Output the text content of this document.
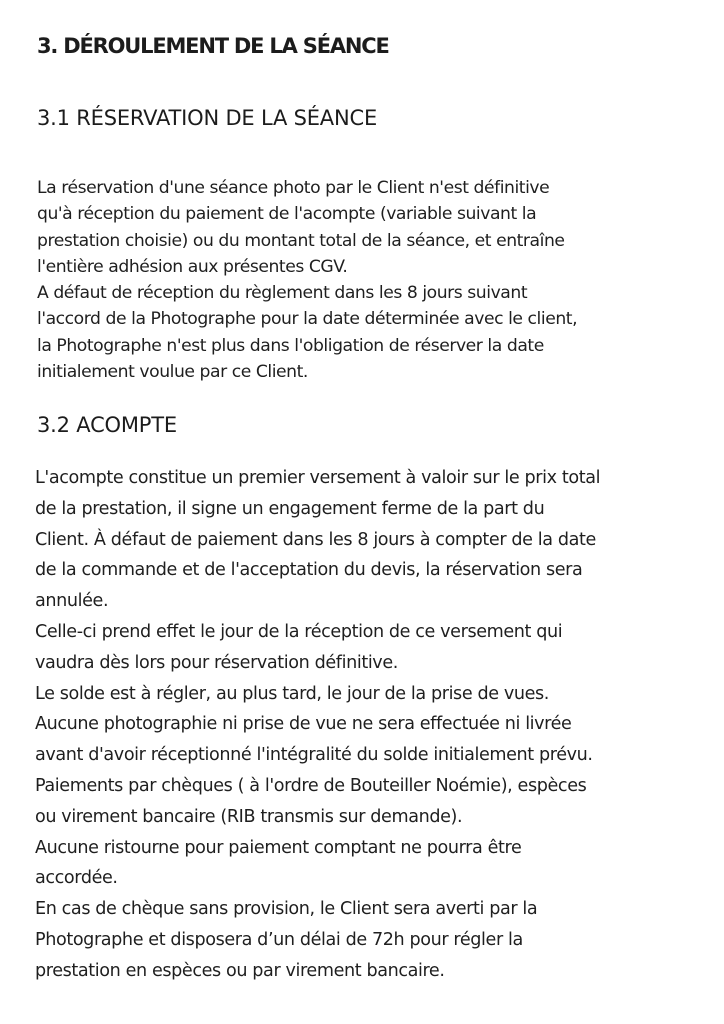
3. DÉROULEMENT DE LA SÉANCE
3.1 RÉSERVATION DE LA SÉANCE
La réservation d'une séance photo par le Client n'est définitive
qu'à réception du paiement de l'acompte (variable suivant la
prestation choisie) ou du montant total de la séance, et entraîne
l'entière adhésion aux présentes CGV.
A défaut de réception du règlement dans les 8 jours suivant
l'accord de la Photographe pour la date déterminée avec le client,
la Photographe n'est plus dans l'obligation de réserver la date
initialement voulue par ce Client.
3.2 ACOMPTE
L'acompte constitue un premier versement à valoir sur le prix total
de la prestation, il signe un engagement ferme de la part du
Client. À défaut de paiement dans les 8 jours à compter de la date
de la commande et de l'acceptation du devis, la réservation sera
annulée.
Celle-ci prend effet le jour de la réception de ce versement qui
vaudra dès lors pour réservation définitive.
Le solde est à régler, au plus tard, le jour de la prise de vues.
Aucune photographie ni prise de vue ne sera effectuée ni livrée
avant d'avoir réceptionné l'intégralité du solde initialement prévu.
Paiements par chèques ( à l'ordre de Bouteiller Noémie), espèces
ou virement bancaire (RIB transmis sur demande).
Aucune ristourne pour paiement comptant ne pourra être
accordée.
En cas de chèque sans provision, le Client sera averti par la
Photographe et disposera d’un délai de 72h pour régler la
prestation en espèces ou par virement bancaire.
